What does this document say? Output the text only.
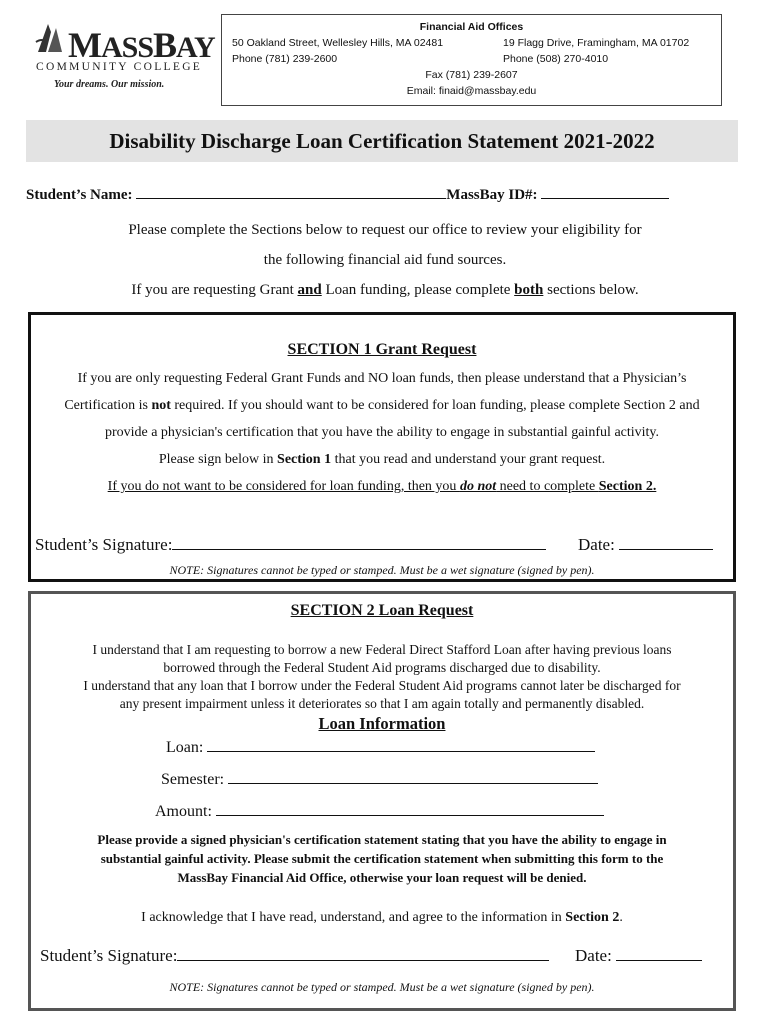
MASSBAY
COMMUNITY COLLEGE
Your dreams. Our mission.
Financial Aid Offices
50 Oakland Street, Wellesley Hills, MA 02481
Phone (781) 239-2600
19 Flagg Drive, Framingham, MA 01702
Phone (508) 270-4010
Fax (781) 239-2607
Email: finaid@massbay.edu
Disability Discharge Loan Certification Statement 2021-2022
Student’s Name:	MassBay ID#:
Please complete the Sections below to request our office to review your eligibility for
the following financial aid fund sources.
If you are requesting Grant and Loan funding, please complete both sections below.
SECTION 1 Grant Request
If you are only requesting Federal Grant Funds and NO loan funds, then please understand that a Physician’s
Certification is not required. If you should want to be considered for loan funding, please complete Section 2 and
provide a physician's certification that you have the ability to engage in substantial gainful activity.
Please sign below in Section 1 that you read and understand your grant request.
If you do not want to be considered for loan funding, then you do not need to complete Section 2.
Student’s Signature:	Date:
NOTE: Signatures cannot be typed or stamped. Must be a wet signature (signed by pen).
SECTION 2 Loan Request
I understand that I am requesting to borrow a new Federal Direct Stafford Loan after having previous loans
borrowed through the Federal Student Aid programs discharged due to disability.
I understand that any loan that I borrow under the Federal Student Aid programs cannot later be discharged for
any present impairment unless it deteriorates so that I am again totally and permanently disabled.
Loan Information
Loan:
Semester:
Amount:
Please provide a signed physician's certification statement stating that you have the ability to engage in
substantial gainful activity. Please submit the certification statement when submitting this form to the
MassBay Financial Aid Office, otherwise your loan request will be denied.
I acknowledge that I have read, understand, and agree to the information in Section 2.
Student’s Signature:	Date:
NOTE: Signatures cannot be typed or stamped. Must be a wet signature (signed by pen).
